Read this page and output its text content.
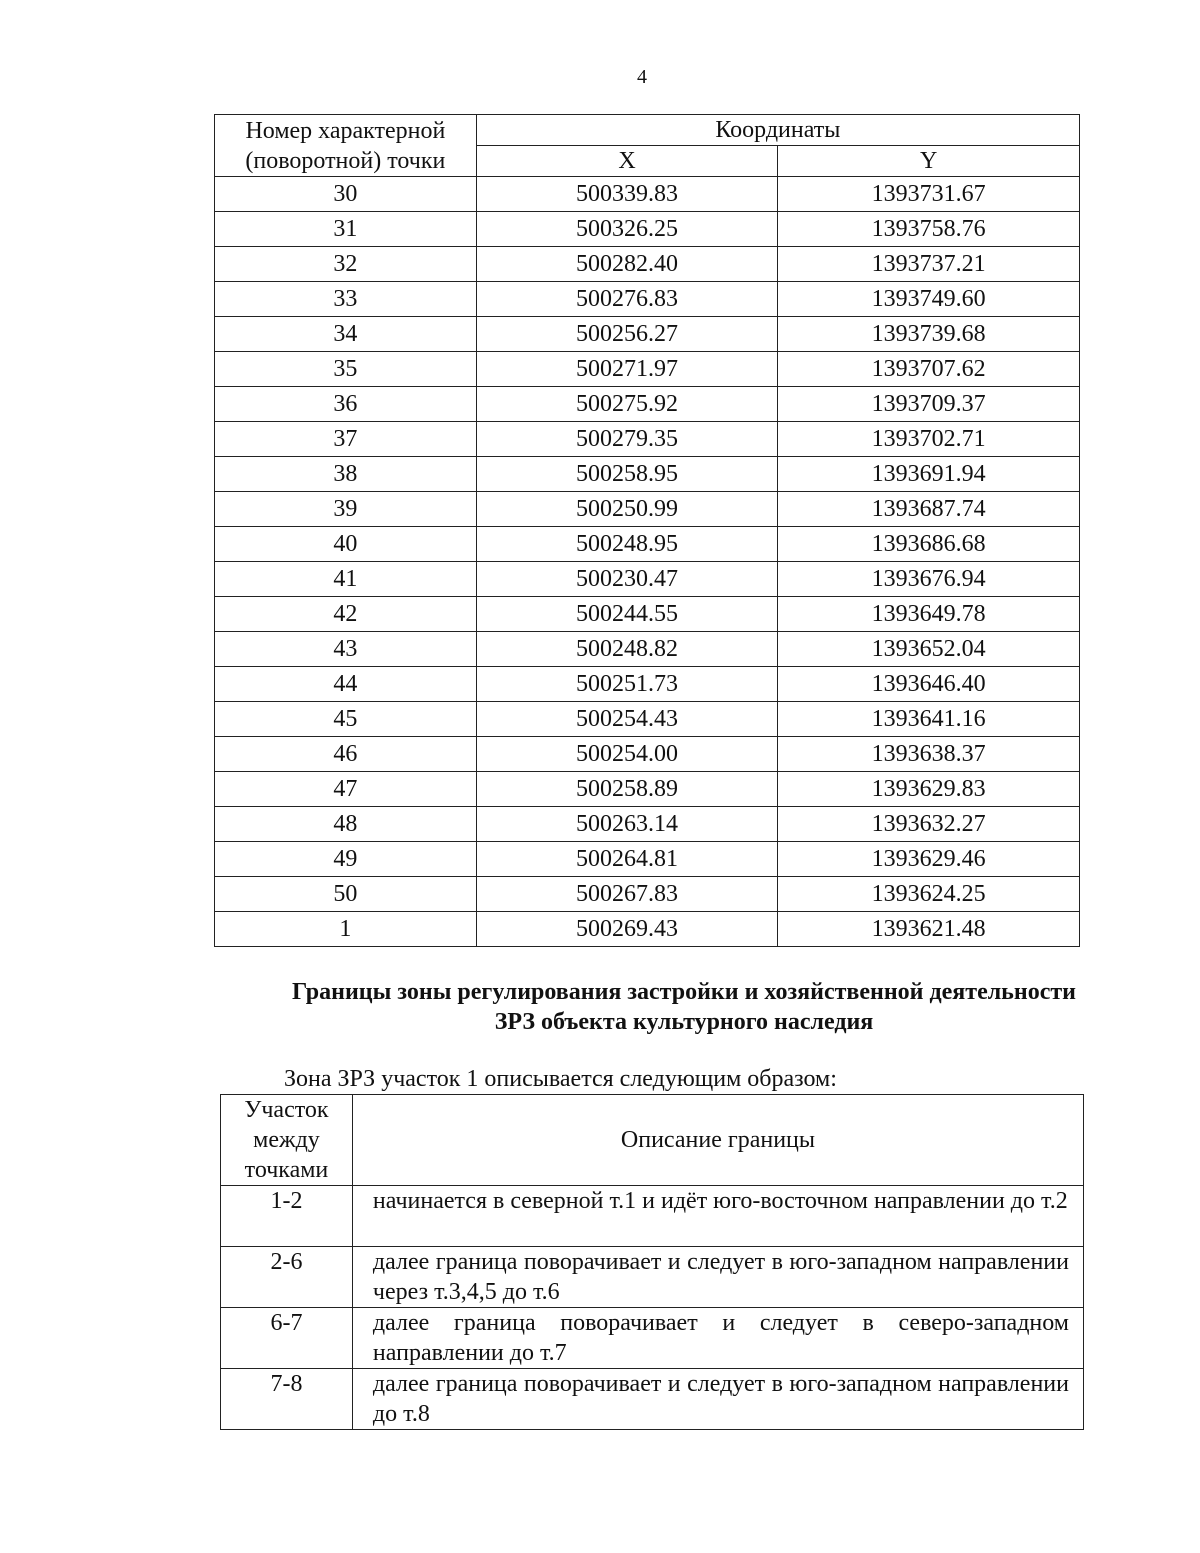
4
Номер характерной (поворотной) точки	Координаты	
	X	Y
30	500339.83	1393731.67
31	500326.25	1393758.76
32	500282.40	1393737.21
33	500276.83	1393749.60
34	500256.27	1393739.68
35	500271.97	1393707.62
36	500275.92	1393709.37
37	500279.35	1393702.71
38	500258.95	1393691.94
39	500250.99	1393687.74
40	500248.95	1393686.68
41	500230.47	1393676.94
42	500244.55	1393649.78
43	500248.82	1393652.04
44	500251.73	1393646.40
45	500254.43	1393641.16
46	500254.00	1393638.37
47	500258.89	1393629.83
48	500263.14	1393632.27
49	500264.81	1393629.46
50	500267.83	1393624.25
1	500269.43	1393621.48
Границы зоны регулирования застройки и хозяйственной деятельности ЗРЗ объекта культурного наследия
Зона ЗРЗ участок 1 описывается следующим образом:
Участок между точками	Описание границы
1-2	начинается в северной т.1 и идёт юго-восточном направлении до т.2
2-6	далее граница поворачивает и следует в юго-западном направлении через т.3,4,5 до т.6
6-7	далее граница поворачивает и следует в северо-западном направлении до т.7
7-8	далее граница поворачивает и следует в юго-западном направлении до т.8
